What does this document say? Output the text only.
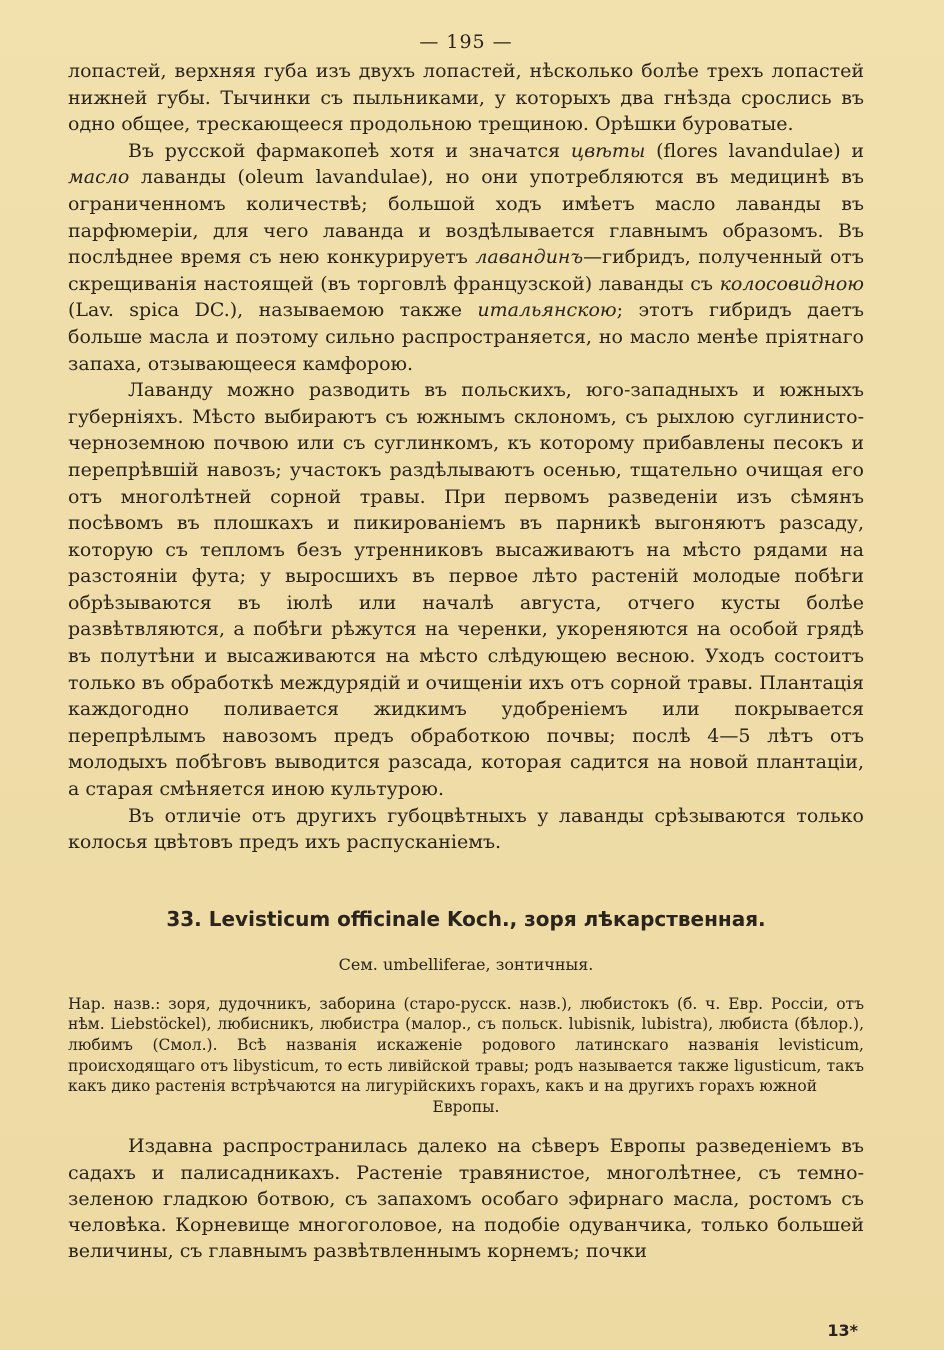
— 195 —

лопастей, верхняя губа изъ двухъ лопастей, нѣсколько болѣе трехъ лопастей нижней губы. Тычинки съ пыльниками, у которыхъ два гнѣзда срослись въ одно общее, трескающееся продольною трещиною. Орѣшки буроватые.

Въ русской фармакопеѣ хотя и значатся цвѣты (flores lavandulae) и масло лаванды (oleum lavandulae), но они употребляются въ медицинѣ въ ограниченномъ количествѣ; большой ходъ имѣетъ масло лаванды въ парфюмеріи, для чего лаванда и воздѣлывается главнымъ образомъ. Въ послѣднее время съ нею конкурируетъ лавандинъ—гибридъ, полученный отъ скрещиванія настоящей (въ торговлѣ французской) лаванды съ колосовидною (Lav. spica DC.), называемою также итальянскою; этотъ гибридъ даетъ больше масла и поэтому сильно распространяется, но масло менѣе пріятнаго запаха, отзывающееся камфорою.

Лаванду можно разводить въ польскихъ, юго-западныхъ и южныхъ губерніяхъ. Мѣсто выбираютъ съ южнымъ склономъ, съ рыхлою суглинисто-черноземною почвою или съ суглинкомъ, къ которому прибавлены песокъ и перепрѣвшій навозъ; участокъ раздѣлываютъ осенью, тщательно очищая его отъ многолѣтней сорной травы. При первомъ разведеніи изъ сѣмянъ посѣвомъ въ плошкахъ и пикированіемъ въ парникѣ выгоняютъ разсаду, которую съ тепломъ безъ утренниковъ высаживаютъ на мѣсто рядами на разстояніи фута; у выросшихъ въ первое лѣто растеній молодые побѣги обрѣзываются въ іюлѣ или началѣ августа, отчего кусты болѣе развѣтвляются, а побѣги рѣжутся на черенки, укореняются на особой грядѣ въ полутѣни и высаживаются на мѣсто слѣдующею весною. Уходъ состоитъ только въ обработкѣ междурядій и очищеніи ихъ отъ сорной травы. Плантація каждогодно поливается жидкимъ удобреніемъ или покрывается перепрѣлымъ навозомъ предъ обработкою почвы; послѣ 4—5 лѣтъ отъ молодыхъ побѣговъ выводится разсада, которая садится на новой плантаціи, а старая смѣняется иною культурою.

Въ отличіе отъ другихъ губоцвѣтныхъ у лаванды срѣзываются только колосья цвѣтовъ предъ ихъ распусканіемъ.

33. Levisticum officinale Koch., зоря лѣкарственная.
Сем. umbelliferae, зонтичныя.
Нар. назв.: зоря, дудочникъ, заборина (старо-русск. назв.), любистокъ (б. ч. Евр. Россіи, отъ нѣм. Liebstöckel), любисникъ, любистра (малор., съ польск. lubisnik, lubistra), любиста (бѣлор.), любимъ (Смол.). Всѣ названія искаженіе родового латинскаго названія levisticum, происходящаго отъ libysticum, то есть ливійской травы; родъ называется также ligusticum, такъ какъ дико растенія встрѣчаются на лигурійскихъ горахъ, какъ и на другихъ горахъ южной
Европы.

Издавна распространилась далеко на сѣверъ Европы разведеніемъ въ садахъ и палисадникахъ. Растеніе травянистое, многолѣтнее, съ темно-зеленою гладкою ботвою, съ запахомъ особаго эфирнаго масла, ростомъ съ человѣка. Корневище многоголовое, на подобіе одуванчика, только большей величины, съ главнымъ развѣтвленнымъ корнемъ; почки

13*
